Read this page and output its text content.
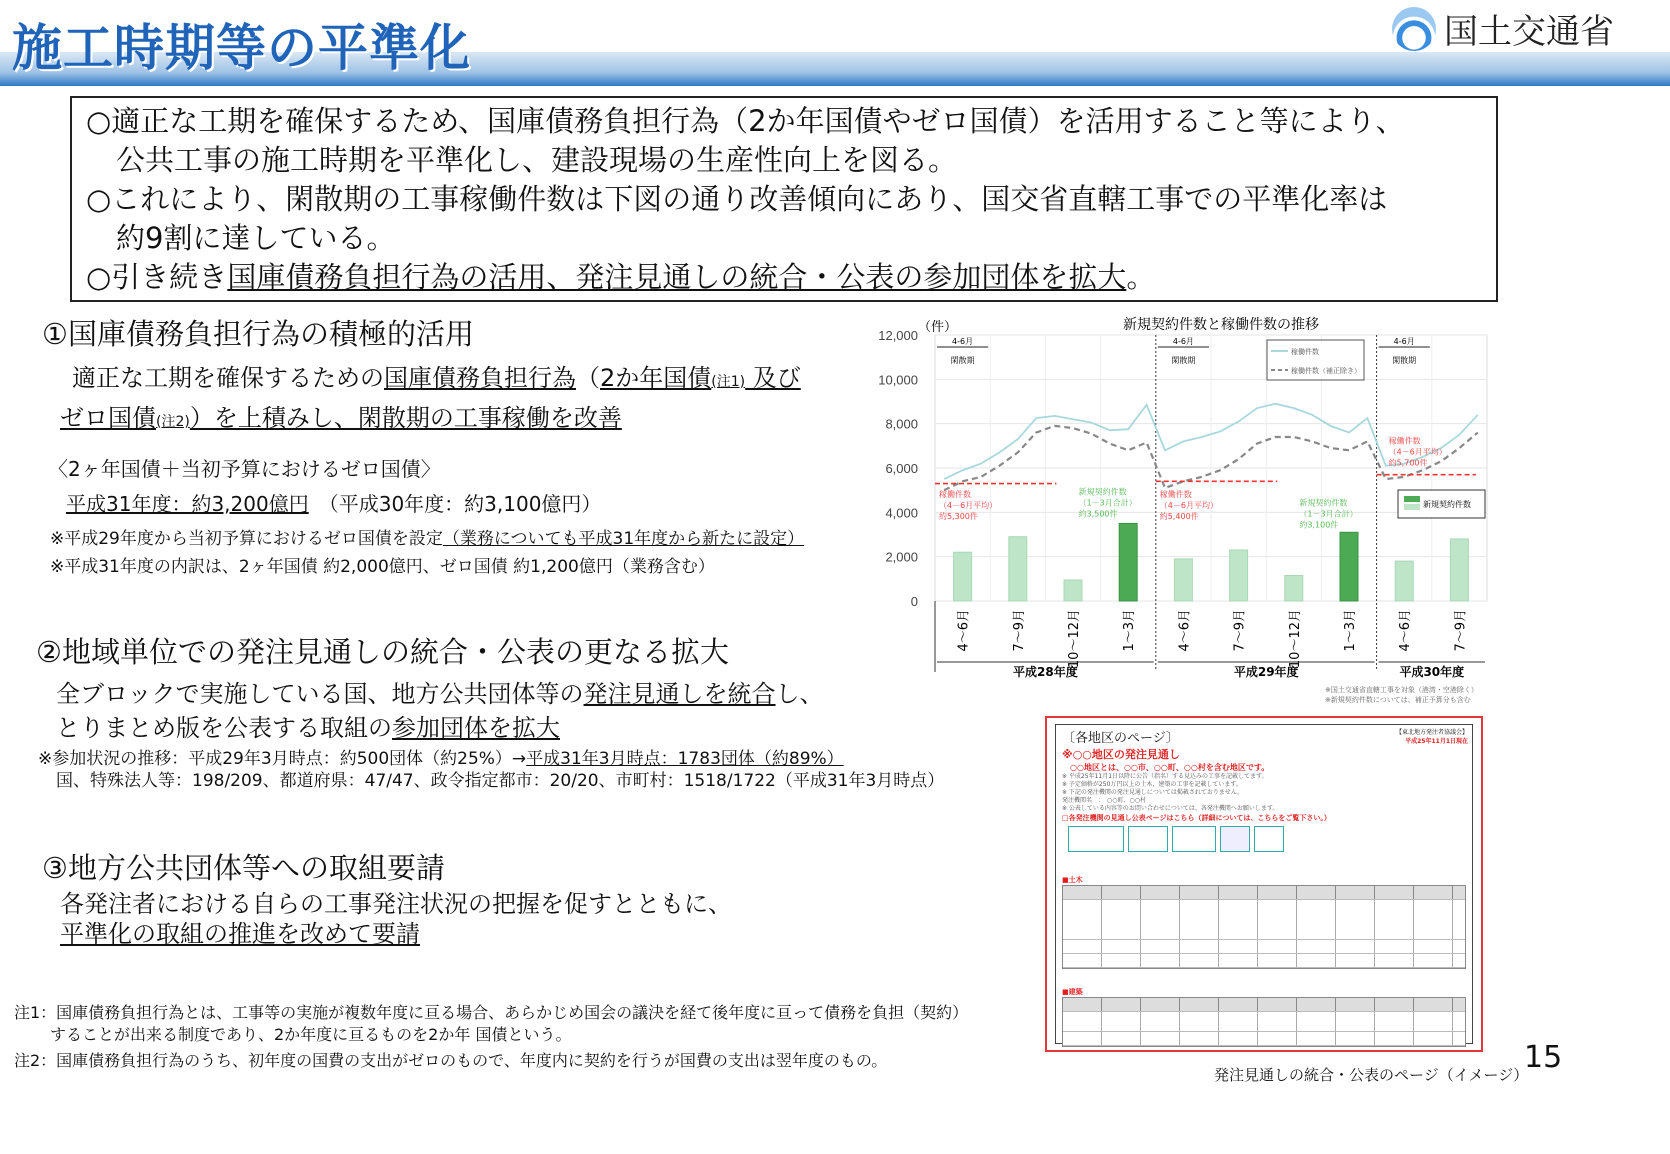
施工時期等の平準化	国土交通省

○適正な工期を確保するため、国庫債務負担行為（2か年国債やゼロ国債）を活用すること等により、

公共工事の施工時期を平準化し、建設現場の生産性向上を図る。

○これにより、閑散期の工事稼働件数は下図の通り改善傾向にあり、国交省直轄工事での平準化率は

約9割に達している。

○引き続き国庫債務負担行為の活用、発注見通しの統合・公表の参加団体を拡大。

①国庫債務負担行為の積極的活用
適正な工期を確保するための国庫債務負担行為（2か年国債(注1) 及び
ゼロ国債(注2)）を上積みし、閑散期の工事稼働を改善
〈2ヶ年国債＋当初予算におけるゼロ国債〉
平成31年度：約3,200億円　 （平成30年度：約3,100億円）
※平成29年度から当初予算におけるゼロ国債を設定（業務についても平成31年度から新たに設定）
※平成31年度の内訳は、2ヶ年国債 約2,000億円、ゼロ国債 約1,200億円（業務含む）
②地域単位での発注見通しの統合・公表の更なる拡大
全ブロックで実施している国、地方公共団体等の発注見通しを統合し、
とりまとめ版を公表する取組の参加団体を拡大
※参加状況の推移：平成29年3月時点：約500団体（約25%）→平成31年3月時点：1783団体（約89%）
国、特殊法人等：198/209、都道府県：47/47、政令指定都市：20/20、市町村：1518/1722（平成31年3月時点）
③地方公共団体等への取組要請
各発注者における自らの工事発注状況の把握を促すとともに、
平準化の取組の推進を改めて要請
注1：国庫債務負担行為とは、工事等の実施が複数年度に亘る場合、あらかじめ国会の議決を経て後年度に亘って債務を負担（契約）
することが出来る制度であり、2か年度に亘るものを2か年 国債という。
注2：国庫債務負担行為のうち、初年度の国費の支出がゼロのもので、年度内に契約を行うが国費の支出は翌年度のもの。
新規契約件数と稼働件数の推移
（件）
0
2,000
4,000
6,000
8,000
10,000
12,000
4～6月	7～9月	10～12月	1～3月	4～6月	7～9月	10～12月	1～3月	4～6月	7～9月
4-6月
閑散期
稼働件数
（4－6月平均）
約5,300件
4-6月
閑散期
稼働件数
（4－6月平均）
約5,400件
4-6月
閑散期
稼働件数
（4－6月平均）
約5,700件
新規契約件数
（1－3月合計）
約3,500件
新規契約件数
（1－3月合計）
約3,100件
稼働件数
稼働件数（補正除き）
新規契約件数
平成28年度	平成29年度	平成30年度
※国土交通省直轄工事を対象（港湾・空港除く）
※新規契約件数については、補正予算分も含む
〔各地区のページ〕	【東北地方発注者協議会】
平成25年11月1日現在
※○○地区の発注見通し
○○地区とは、○○市、○○町、○○村を含む地区です。
※ 平成25年11月1日以降に公告（指名）する見込みの工事を記載してます。
※ 予定価格が250万円以上の土木、建築の工事を記載しています。
※ 下記の発注機関の発注見通しについては掲載されておりません。
発注機関名　：　○○町、○○村
※ 公表している内容等のお問い合わせについては、各発注機関へお願いします。
□各発注機関の見通し公表ページはこちら（詳細については、こちらをご覧下さい。）
■土木
■建築
発注見通しの統合・公表のページ（イメージ）
15
